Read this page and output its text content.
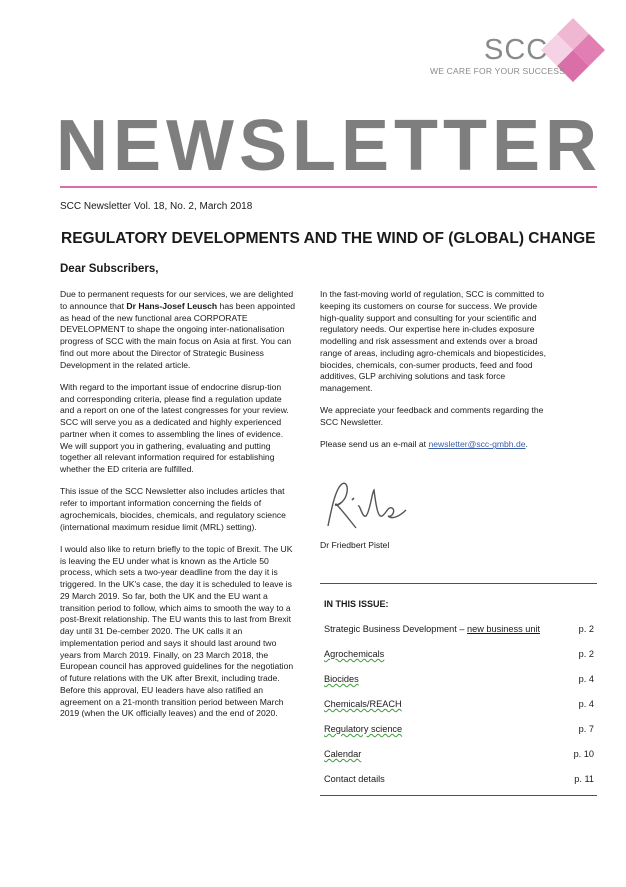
SCC
WE CARE FOR YOUR SUCCESS
NEWSLETTER
SCC Newsletter Vol. 18, No. 2, March 2018
REGULATORY DEVELOPMENTS AND THE WIND OF (GLOBAL) CHANGE
Dear Subscribers,

Due to permanent requests for our services, we are delighted to announce that Dr Hans-Josef Leusch has been appointed as head of the new functional area CORPORATE DEVELOPMENT to shape the ongoing inter-nationalisation progress of SCC with the main focus on Asia at first. You can find out more about the Director of Strategic Business Development in the related article.

With regard to the important issue of endocrine disrup-tion and corresponding criteria, please find a regulation update and a report on one of the latest congresses for your review. SCC will serve you as a dedicated and highly experienced partner when it comes to assembling the lines of evidence. We will support you in gathering, evaluating and putting together all relevant information required for establishing whether the ED criteria are fulfilled.

This issue of the SCC Newsletter also includes articles that refer to important information concerning the fields of agrochemicals, biocides, chemicals, and regulatory science (international maximum residue limit (MRL) setting).

I would also like to return briefly to the topic of Brexit. The UK is leaving the EU under what is known as the Article 50 process, which sets a two-year deadline from the day it is triggered. In the UK's case, the day it is scheduled to leave is 29 March 2019. So far, both the UK and the EU want a transition period to follow, which aims to smooth the way to a post-Brexit relationship. The EU wants this to last from Brexit day until 31 De-cember 2020. The UK calls it an implementation period and says it should last around two years from March 2019. Finally, on 23 March 2018, the European council has approved guidelines for the negotiation of future relations with the UK after Brexit, including trade. Before this approval, EU leaders have also ratified an agreement on a 21-month transition period between March 2019 (when the UK officially leaves) and the end of 2020.

In the fast-moving world of regulation, SCC is committed to keeping its customers on course for success. We provide high-quality support and consulting for your scientific and regulatory needs. Our expertise here in-cludes exposure modelling and risk assessment and extends over a broad range of areas, including agro-chemicals and biopesticides, biocides, chemicals, con-sumer products, feed and food additives, GLP archiving solutions and task force management.

We appreciate your feedback and comments regarding the SCC Newsletter.

Please send us an e-mail at newsletter@scc-gmbh.de.

Dr Friedbert Pistel
IN THIS ISSUE:
Strategic Business Development – new business unit	p. 2
Agrochemicals	p. 2
Biocides	p. 4
Chemicals/REACH	p. 4
Regulatory science	p. 7
Calendar	p. 10
Contact details	p. 11
